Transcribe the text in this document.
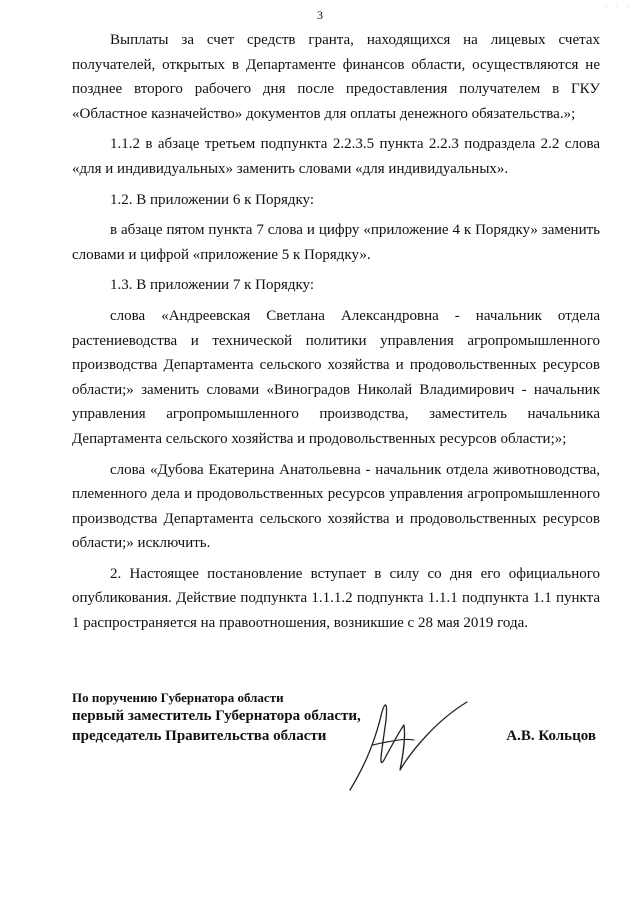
3

Выплаты за счет средств гранта, находящихся на лицевых счетах получателей, открытых в Департаменте финансов области, осуществляются не позднее второго рабочего дня после предоставления получателем в ГКУ «Областное казначейство» документов для оплаты денежного обязательства.»;

1.1.2 в абзаце третьем подпункта 2.2.3.5 пункта 2.2.3 подраздела 2.2 слова «для и индивидуальных» заменить словами «для индивидуальных».

1.2. В приложении 6 к Порядку:

в абзаце пятом пункта 7 слова и цифру «приложение 4 к Порядку» заменить словами и цифрой «приложение 5 к Порядку».

1.3. В приложении 7 к Порядку:

слова «Андреевская Светлана Александровна - начальник отдела растениеводства и технической политики управления агропромышленного производства Департамента сельского хозяйства и продовольственных ресурсов области;» заменить словами «Виноградов Николай Владимирович - начальник управления агропромышленного производства, заместитель начальника Департамента сельского хозяйства и продовольственных ресурсов области;»;

слова «Дубова Екатерина Анатольевна - начальник отдела животноводства, племенного дела и продовольственных ресурсов управления агропромышленного производства Департамента сельского хозяйства и продовольственных ресурсов области;» исключить.

2. Настоящее постановление вступает в силу со дня его официального опубликования. Действие подпункта 1.1.1.2 подпункта 1.1.1 подпункта 1.1 пункта 1 распространяется на правоотношения, возникшие с 28 мая 2019 года.

По поручению Губернатора области
первый заместитель Губернатора области,
председатель Правительства области	А.В. Кольцов
· · ·
· · ·
